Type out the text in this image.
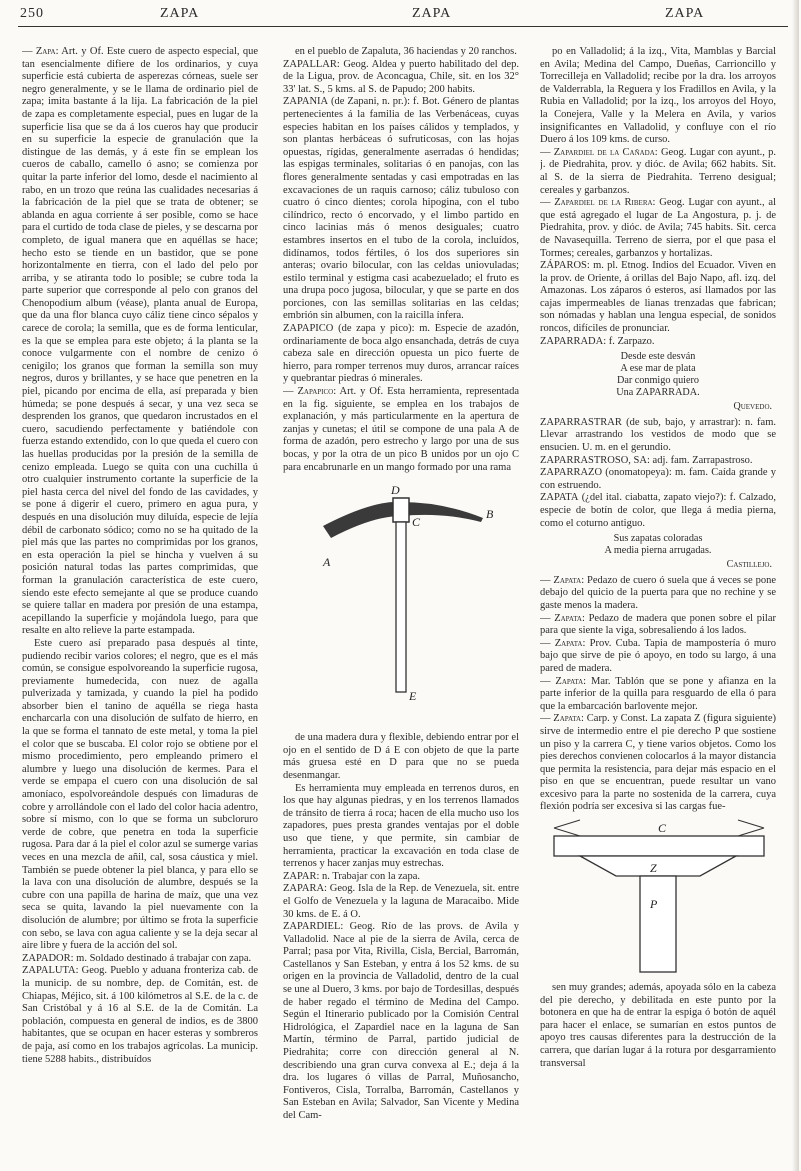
250	ZAPA	ZAPA	ZAPA

— Zapa: Art. y Of. Este cuero de aspecto especial, que tan esencialmente difiere de los ordinarios, y cuya superficie está cubierta de asperezas córneas, suele ser negro generalmente, y se le llama de ordinario piel de zapa; imita bastante á la lija. La fabricación de la piel de zapa es completamente especial, pues en lugar de la superficie lisa que se da á los cueros hay que producir en su superficie la especie de granulación que la distingue de las demás, y á este fin se emplean los cueros de caballo, camello ó asno; se comienza por quitar la parte inferior del lomo, desde el nacimiento al rabo, en un trozo que reúna las cualidades necesarias á la fabricación de la piel que se trata de obtener; se ablanda en agua corriente á ser posible, como se hace para el curtido de toda clase de pieles, y se descarna por completo, de igual manera que en aquéllas se hace; hecho esto se tiende en un bastidor, que se pone horizontalmente en tierra, con el lado del pelo por arriba, y se atiranta todo lo posible; se cubre toda la parte superior que corresponde al pelo con granos del Chenopodium album (véase), planta anual de Europa, que da una flor blanca cuyo cáliz tiene cinco sépalos y carece de corola; la semilla, que es de forma lenticular, es la que se emplea para este objeto; á la planta se la conoce vulgarmente con el nombre de cenizo ó cenigilo; los granos que forman la semilla son muy negros, duros y brillantes, y se hace que penetren en la piel, picando por encima de ella, así preparada y bien húmeda; se pone después á secar, y una vez seca se desprenden los granos, que quedaron incrustados en el cuero, sacudiendo perfectamente y batiéndole con fuerza estando extendido, con lo que queda el cuero con las huellas producidas por la presión de la semilla de cenizo empleada. Luego se quita con una cuchilla ú otro cualquier instrumento cortante la superficie de la piel hasta cerca del nivel del fondo de las cavidades, y se pone á digerir el cuero, primero en agua pura, y después en una disolución muy diluída, especie de lejía débil de carbonato sódico; como no se ha quitado de la piel más que las partes no comprimidas por los granos, en esta operación la piel se hincha y vuelven á su posición natural todas las partes comprimidas, que forman la granulación característica de este cuero, siendo este efecto semejante al que se produce cuando se quiere tallar en madera por presión de una estampa, acepillando la superficie y mojándola luego, para que resalte en alto relieve la parte estampada.

Este cuero así preparado pasa después al tinte, pudiendo recibir varios colores; el negro, que es el más común, se consigue espolvoreando la superficie rugosa, previamente humedecida, con nuez de agalla pulverizada y tamizada, y cuando la piel ha podido absorber bien el tanino de aquélla se riega hasta encharcarla con una disolución de sulfato de hierro, en la que se forma el tannato de este metal, y toma la piel el color que se buscaba. El color rojo se obtiene por el mismo procedimiento, pero empleando primero el alumbre y luego una disolución de kermes. Para el verde se empapa el cuero con una disolución de sal amoníaco, espolvoreándole después con limaduras de cobre y arrollándole con el lado del color hacia adentro, sobre sí mismo, con lo que se forma un subcloruro verde de cobre, que penetra en toda la superficie rugosa. Para dar á la piel el color azul se sumerge varias veces en una mezcla de añil, cal, sosa cáustica y miel. También se puede obtener la piel blanca, y para ello se la lava con una disolución de alumbre, después se la cubre con una papilla de harina de maíz, que una vez seca se quita, lavando la piel nuevamente con la disolución de alumbre; por último se frota la superficie con sebo, se lava con agua caliente y se la deja secar al aire libre y fuera de la acción del sol.

ZAPADOR: m. Soldado destinado á trabajar con zapa.

ZAPALUTA: Geog. Pueblo y aduana fronteriza cab. de la municip. de su nombre, dep. de Comitán, est. de Chiapas, Méjico, sit. á 100 kilómetros al S.E. de la c. de San Cristóbal y á 16 al S.E. de la de Comitán. La población, compuesta en general de indios, es de 3800 habitantes, que se ocupan en hacer esteras y sombreros de paja, así como en los trabajos agrícolas. La municip. tiene 5288 habits., distribuídos

en el pueblo de Zapaluta, 36 haciendas y 20 ranchos.

ZAPALLAR: Geog. Aldea y puerto habilitado del dep. de la Ligua, prov. de Aconcagua, Chile, sit. en los 32° 33' lat. S., 5 kms. al S. de Papudo; 200 habits.

ZAPANIA (de Zapani, n. pr.): f. Bot. Género de plantas pertenecientes á la familia de las Verbenáceas, cuyas especies habitan en los países cálidos y templados, y son plantas herbáceas ó sufruticosas, con las hojas opuestas, rígidas, generalmente aserradas ó hendidas; las espigas terminales, solitarias ó en panojas, con las flores generalmente sentadas y casi empotradas en las excavaciones de un raquis carnoso; cáliz tubuloso con cuatro ó cinco dientes; corola hipogina, con el tubo cilíndrico, recto ó encorvado, y el limbo partido en cinco lacinias más ó menos desiguales; cuatro estambres insertos en el tubo de la corola, incluídos, didínamos, todos fértiles, ó los dos superiores sin anteras; ovario bilocular, con las celdas uniovuladas; estilo terminal y estigma casi acabezuelado; el fruto es una drupa poco jugosa, bilocular, y que se parte en dos porciones, con las semillas solitarias en las celdas; embrión sin albumen, con la raicilla ínfera.

ZAPAPICO (de zapa y pico): m. Especie de azadón, ordinariamente de boca algo ensanchada, detrás de cuya cabeza sale en dirección opuesta un pico fuerte de hierro, para romper terrenos muy duros, arrancar raíces y quebrantar piedras ó minerales.

— Zapapico: Art. y Of. Esta herramienta, representada en la fig. siguiente, se emplea en los trabajos de explanación, y más particularmente en la apertura de zanjas y cunetas; el útil se compone de una pala A de forma de azadón, pero estrecho y largo por una de sus bocas, y por la otra de un pico B unidos por un ojo C para encabrunarle en un mango formado por una rama

D
B
C
A
E

de una madera dura y flexible, debiendo entrar por el ojo en el sentido de D á E con objeto de que la parte más gruesa esté en D para que no se pueda desenmangar.

Es herramienta muy empleada en terrenos duros, en los que hay algunas piedras, y en los terrenos llamados de tránsito de tierra á roca; hacen de ella mucho uso los zapadores, pues presta grandes ventajas por el doble uso que tiene, y que permite, sin cambiar de herramienta, practicar la excavación en toda clase de terrenos y hacer zanjas muy estrechas.

ZAPAR: n. Trabajar con la zapa.

ZAPARA: Geog. Isla de la Rep. de Venezuela, sit. entre el Golfo de Venezuela y la laguna de Maracaibo. Mide 30 kms. de E. á O.

ZAPARDIEL: Geog. Río de las provs. de Avila y Valladolid. Nace al pie de la sierra de Avila, cerca de Parral; pasa por Vita, Rivilla, Cisla, Bercial, Barromán, Castellanos y San Esteban, y entra á los 52 kms. de su origen en la provincia de Valladolid, dentro de la cual se une al Duero, 3 kms. por bajo de Tordesillas, después de haber regado el término de Medina del Campo. Según el Itinerario publicado por la Comisión Central Hidrológica, el Zapardiel nace en la laguna de San Martín, término de Parral, partido judicial de Piedrahita; corre con dirección general al N. describiendo una gran curva convexa al E.; deja á la dra. los lugares ó villas de Parral, Muñosancho, Fontiveros, Cisla, Torralba, Barromán, Castellanos y San Esteban en Avila; Salvador, San Vicente y Medina del Cam-

po en Valladolid; á la izq., Vita, Mamblas y Barcial en Avila; Medina del Campo, Dueñas, Carrioncillo y Torrecilleja en Valladolid; recibe por la dra. los arroyos de Valderrabla, la Reguera y los Fradillos en Avila, y la Rubia en Valladolid; por la izq., los arroyos del Hoyo, la Conejera, Valle y la Melera en Avila, y varios insignificantes en Valladolid, y confluye con el río Duero á los 109 kms. de curso.

— Zapardiel de la Cañada: Geog. Lugar con ayunt., p. j. de Piedrahita, prov. y dióc. de Avila; 662 habits. Sit. al S. de la sierra de Piedrahita. Terreno desigual; cereales y garbanzos.

— Zapardiel de la Ribera: Geog. Lugar con ayunt., al que está agregado el lugar de La Angostura, p. j. de Piedrahita, prov. y dióc. de Avila; 745 habits. Sit. cerca de Navasequilla. Terreno de sierra, por el que pasa el Tormes; cereales, garbanzos y hortalizas.

ZÁPAROS: m. pl. Etnog. Indios del Ecuador. Viven en la prov. de Oriente, á orillas del Bajo Napo, afl. izq. del Amazonas. Los záparos ó esteros, así llamados por las cajas impermeables de lianas trenzadas que fabrican; son nómadas y hablan una lengua especial, de sonidos roncos, difíciles de pronunciar.

ZAPARRADA: f. Zarpazo.

Desde este desván
A ese mar de plata
Dar conmigo quiero
Una ZAPARRADA.
Quevedo.

ZAPARRASTRAR (de sub, bajo, y arrastrar): n. fam. Llevar arrastrando los vestidos de modo que se ensucien. U. m. en el gerundio.

ZAPARRASTROSO, SA: adj. fam. Zarrapastroso.

ZAPARRAZO (onomatopeya): m. fam. Caída grande y con estruendo.

ZAPATA (¿del ital. ciabatta, zapato viejo?): f. Calzado, especie de botín de color, que llega á media pierna, como el coturno antiguo.

Sus zapatas coloradas
A media pierna arrugadas.
Castillejo.

— Zapata: Pedazo de cuero ó suela que á veces se pone debajo del quicio de la puerta para que no rechine y se gaste menos la madera.

— Zapata: Pedazo de madera que ponen sobre el pilar para que siente la viga, sobresaliendo á los lados.

— Zapata: Prov. Cuba. Tapia de mampostería ó muro bajo que sirve de pie ó apoyo, en todo su largo, á una pared de madera.

— Zapata: Mar. Tablón que se pone y afianza en la parte inferior de la quilla para resguardo de ella ó para que la embarcación barlovente mejor.

— Zapata: Carp. y Const. La zapata Z (figura siguiente) sirve de intermedio entre el pie derecho P que sostiene un piso y la carrera C, y tiene varios objetos. Como los pies derechos convienen colocarlos á la mayor distancia que permita la resistencia, para dejar más espacio en el piso en que se encuentran, puede resultar un vano excesivo para la parte no sostenida de la carrera, cuya flexión podría ser excesiva si las cargas fue-

C
Z
P

sen muy grandes; además, apoyada sólo en la cabeza del pie derecho, y debilitada en este punto por la botonera en que ha de entrar la espiga ó botón de aquél para hacer el enlace, se sumarían en estos puntos de apoyo tres causas diferentes para la destrucción de la carrera, que darían lugar á la rotura por desgarramiento transversal
